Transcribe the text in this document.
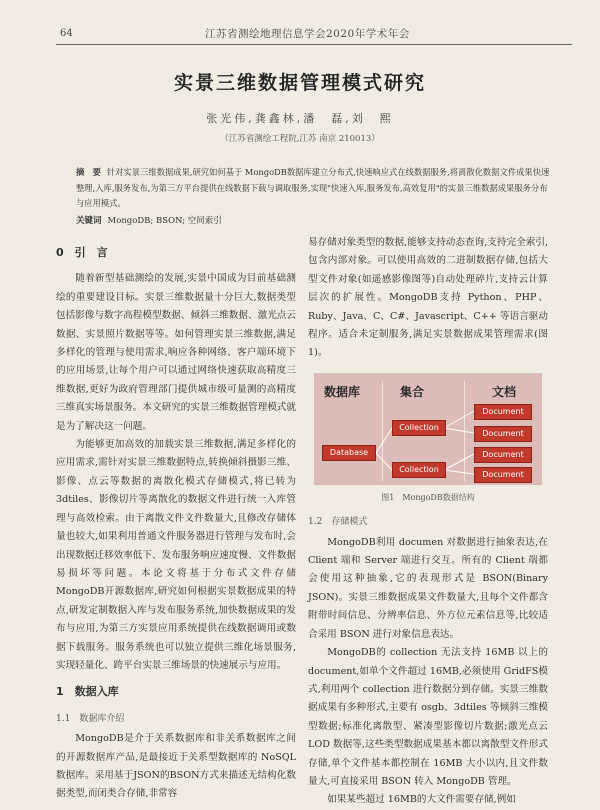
64	江苏省测绘地理信息学会2020年学术年会
实景三维数据管理模式研究
张光伟,龚鑫林,潘　磊,刘　熙
（江苏省测绘工程院,江苏 南京 210013）
摘　要 针对实景三维数据成果,研究如何基于 MongoDB数据库建立分布式,快速响应式在线数据服务,将离散化数据文件成果快速整理,入库,服务发布,为第三方平台提供在线数据下载与调取服务,实现"快速入库,服务发布,高效复用"的实景三维数据成果服务分布与应用模式。
关键词 MongoDB; BSON; 空间索引
0　引　言

随着新型基础测绘的发展,实景中国成为目前基础测绘的重要建设目标。实景三维数据量十分巨大,数据类型包括影像与数字高程模型数据、倾斜三维数据、激光点云数据、实景照片数据等等。如何管理实景三维数据,满足多样化的管理与使用需求,响应各种网络、客户端环境下的应用场景,让每个用户可以通过网络快速获取高精度三维数据,更好为政府管理部门提供城市级可量测的高精度三维真实场景服务。本文研究的实景三维数据管理模式就是为了解决这一问题。

为能够更加高效的加载实景三维数据,满足多样化的应用需求,需针对实景三维数据特点,转换倾斜摄影三维、影像、点云等数据的离散化模式存储模式,将已转为 3dtiles、影像切片等离散化的数据文件进行统一入库管理与高效检索。由于离散文件文件数量大,且修改存储体量也较大,如果利用普通文件服务器进行管理与发布时,会出现数据迁移效率低下、发布服务响应速度慢、文件数据易损坏等问题。本论文将基于分布式文件存储 MongoDB开源数据库,研究如何根据实景数据成果的特点,研发定制数据入库与发布服务系统,加快数据成果的发布与应用,为第三方实景应用系统提供在线数据调用或数据下载服务。服务系统也可以独立提供三维化场景服务,实现轻量化、跨平台实景三维场景的快速展示与应用。

1　数据入库
1.1　数据库介绍

MongoDB是介于关系数据库和非关系数据库之间的开源数据库产品,是最接近于关系型数据库的 NoSQL数据库。采用基于JSON的BSON方式来描述无结构化数据类型,而闭类合存储,非常容

易存储对象类型的数据,能够支持动态查询,支持完全索引,包含内部对象。可以使用高效的二进制数据存储,包括大型文件对象(如遥感影像图等)自动处理碎片,支持云计算层次的扩展性。MongoDB支持 Python、PHP、Ruby、Java、C、C#、Javascript、C++ 等语言驱动程序。适合未定制服务,满足实景数据成果管理需求(图1)。

数据库	集合	文档
Database
Collection
Collection
Document
Document
Document
Document
图1　MongoDB数据结构
1.2　存储模式

MongoDB利用 documen 对数据进行抽象表达,在 Client 端和 Server 端进行交互。所有的 Client 端都会使用这种抽象,它的表现形式是 BSON(Binary JSON)。实景三维数据成果文件数量大,且每个文件都含附带时间信息、分辨率信息、外方位元素信息等,比较适合采用 BSON 进行对象信息表达。

MongoDB的 collection 无法支持 16MB 以上的 document,如单个文件超过 16MB,必须使用 GridFS模式,利用两个 collection 进行数据分到存储。实景三维数据成果有多种形式,主要有 osgb、3dtiles 等倾斜三维模型数据;标准化离散型、紧凑型影像切片数据;激光点云 LOD 数据等,这些类型数据成果基本都以离散型文件形式存储,单个文件基本都控制在 16MB 大小以内,且文件数量大,可直接采用 BSON 转入 MongoDB 管理。

如果某些超过 16MB的大文件需要存储,例如
